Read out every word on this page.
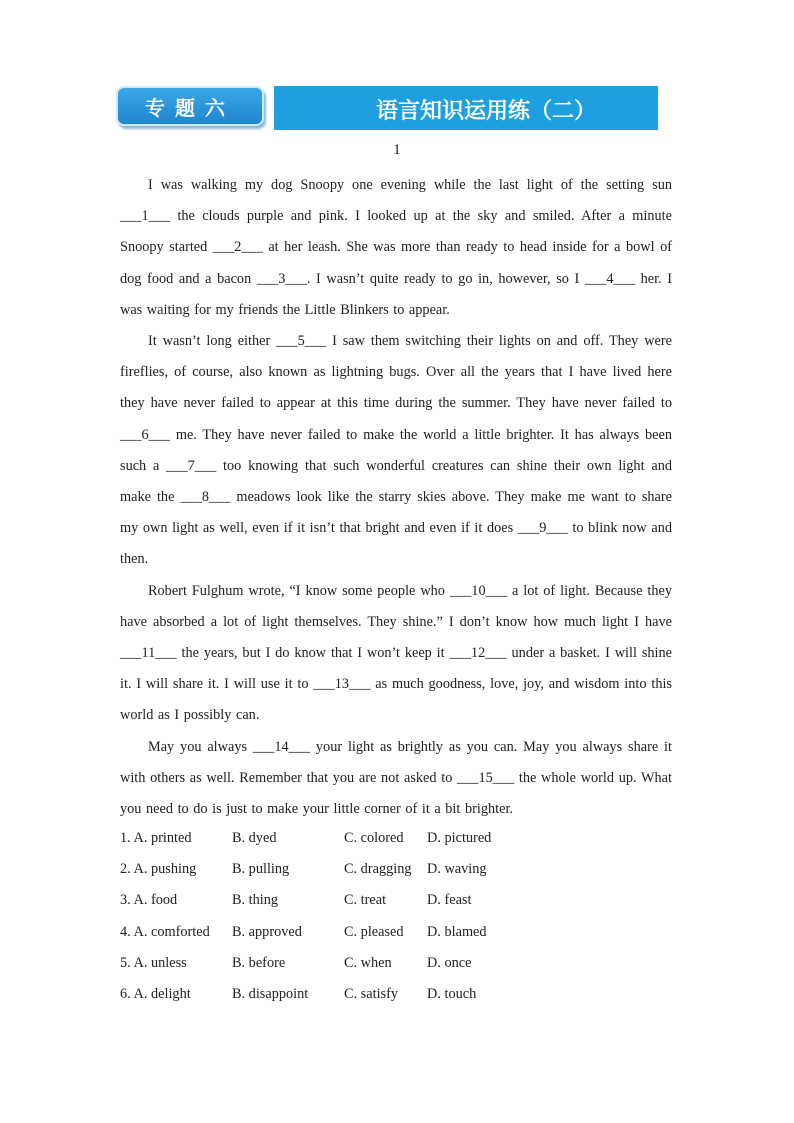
专题六	语言知识运用练（二）
1

I was walking my dog Snoopy one evening while the last light of the setting sun ___1___ the clouds purple and pink. I looked up at the sky and smiled. After a minute Snoopy started ___2___ at her leash. She was more than ready to head inside for a bowl of dog food and a bacon ___3___. I wasn’t quite ready to go in, however, so I ___4___ her. I was waiting for my friends the Little Blinkers to appear.

It wasn’t long either ___5___ I saw them switching their lights on and off. They were fireflies, of course, also known as lightning bugs. Over all the years that I have lived here they have never failed to appear at this time during the summer. They have never failed to ___6___ me. They have never failed to make the world a little brighter. It has always been such a ___7___ too knowing that such wonderful creatures can shine their own light and make the ___8___ meadows look like the starry skies above. They make me want to share my own light as well, even if it isn’t that bright and even if it does ___9___ to blink now and then.

Robert Fulghum wrote, “I know some people who ___10___ a lot of light. Because they have absorbed a lot of light themselves. They shine.” I don’t know how much light I have ___11___ the years, but I do know that I won’t keep it ___12___ under a basket. I will shine it. I will share it. I will use it to ___13___ as much goodness, love, joy, and wisdom into this world as I possibly can.

May you always ___14___ your light as brightly as you can. May you always share it with others as well. Remember that you are not asked to ___15___ the whole world up. What you need to do is just to make your little corner of it a bit brighter.

1. A. printed	B. dyed	C. colored D. pictured
2. A. pushing B. pulling	C. dragging D. waving
3. A. food	B. thing	C. treat	D. feast
4. A. comforted B. approved	C. pleased D. blamed
5. A. unless	B. before	C. when D. once
6. A. delight	B. disappoint C. satisfy D. touch
